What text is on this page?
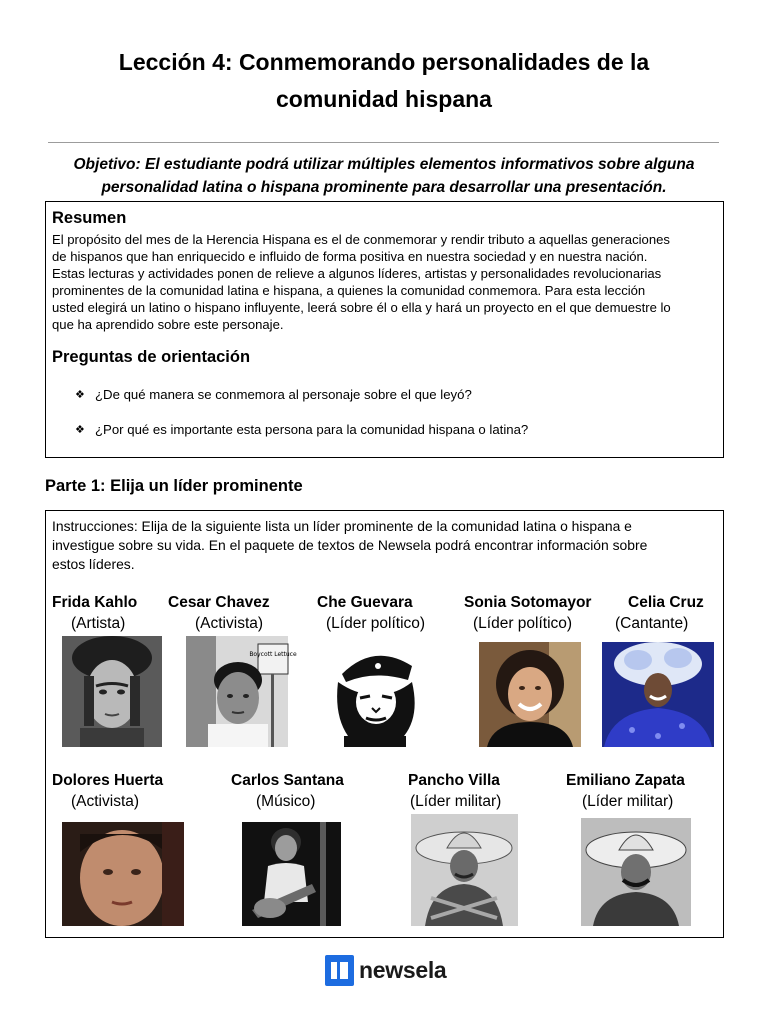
Lección 4: Conmemorando personalidades de la
comunidad hispana
Objetivo: El estudiante podrá utilizar múltiples elementos informativos sobre alguna
personalidad latina o hispana prominente para desarrollar una presentación.
Resumen
El propósito del mes de la Herencia Hispana es el de conmemorar y rendir tributo a aquellas generaciones
de hispanos que han enriquecido e influido de forma positiva en nuestra sociedad y en nuestra nación.
Estas lecturas y actividades ponen de relieve a algunos líderes, artistas y personalidades revolucionarias
prominentes de la comunidad latina e hispana, a quienes la comunidad conmemora. Para esta lección
usted elegirá un latino o hispano influyente, leerá sobre él o ella y hará un proyecto en el que demuestre lo
que ha aprendido sobre este personaje.
Preguntas de orientación
❖ ¿De qué manera se conmemora al personaje sobre el que leyó?
❖ ¿Por qué es importante esta persona para la comunidad hispana o latina?
Parte 1: Elija un líder prominente
Instrucciones: Elija de la siguiente lista un líder prominente de la comunidad latina o hispana e
investigue sobre su vida. En el paquete de textos de Newsela podrá encontrar información sobre
estos líderes.
Frida Kahlo
(Artista)
Cesar Chavez
(Activista)
Che Guevara
(Líder político)
Sonia Sotomayor
(Líder político)
Celia Cruz
(Cantante)
Boycott Lettuce
Dolores Huerta
(Activista)
Carlos Santana
(Músico)
Pancho Villa
(Líder militar)
Emiliano Zapata
(Líder militar)
newsela
